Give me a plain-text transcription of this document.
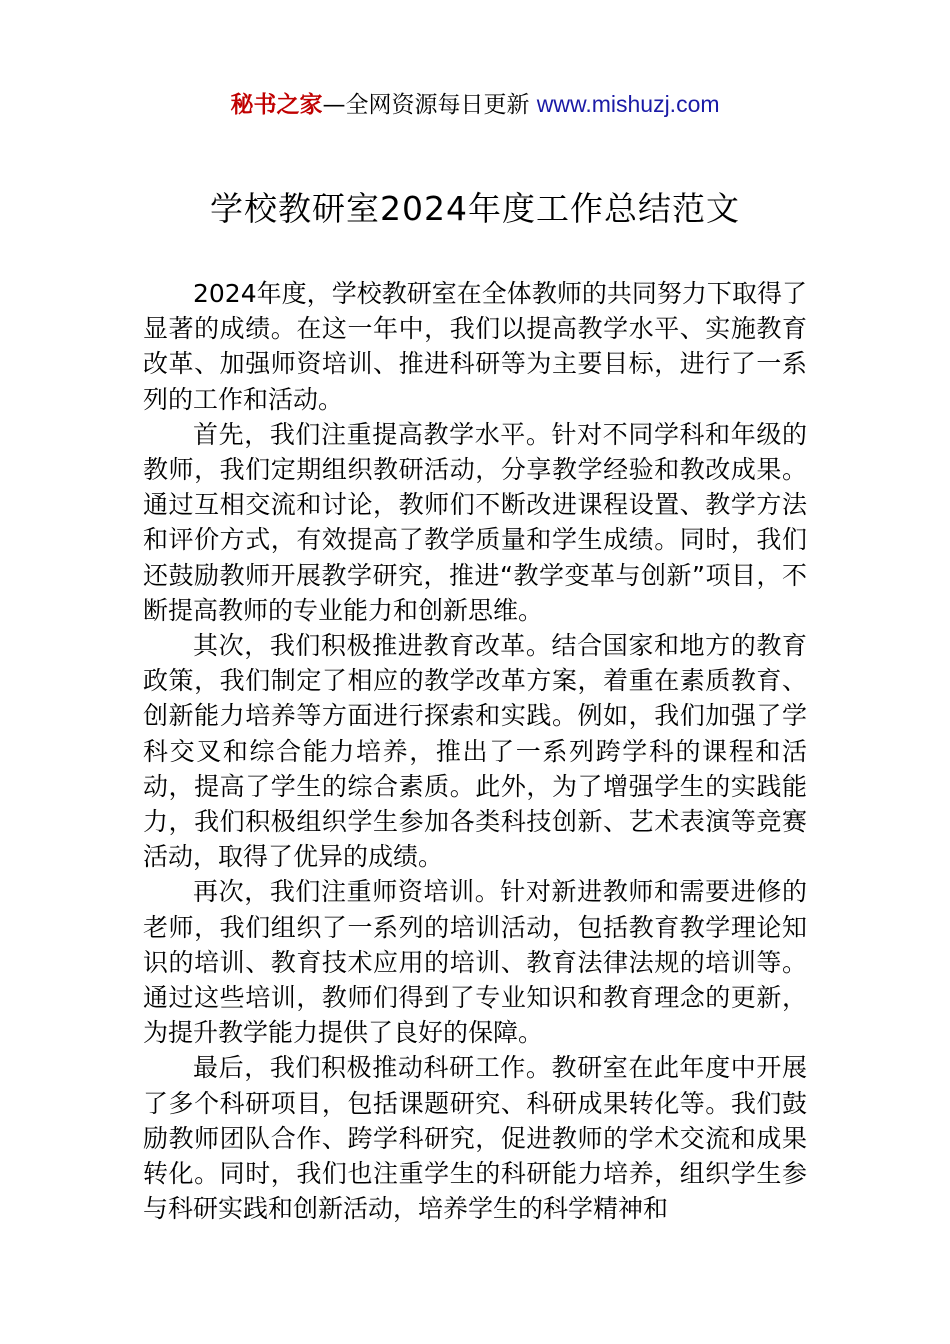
秘书之家—全网资源每日更新 www.mishuzj.com
学校教研室2024年度工作总结范文

2024年度，学校教研室在全体教师的共同努力下取得了显著的成绩。在这一年中，我们以提高教学水平、实施教育改革、加强师资培训、推进科研等为主要目标，进行了一系列的工作和活动。

首先，我们注重提高教学水平。针对不同学科和年级的教师，我们定期组织教研活动，分享教学经验和教改成果。通过互相交流和讨论，教师们不断改进课程设置、教学方法和评价方式，有效提高了教学质量和学生成绩。同时，我们还鼓励教师开展教学研究，推进“教学变革与创新”项目，不断提高教师的专业能力和创新思维。

其次，我们积极推进教育改革。结合国家和地方的教育政策，我们制定了相应的教学改革方案，着重在素质教育、创新能力培养等方面进行探索和实践。例如，我们加强了学科交叉和综合能力培养，推出了一系列跨学科的课程和活动，提高了学生的综合素质。此外，为了增强学生的实践能力，我们积极组织学生参加各类科技创新、艺术表演等竞赛活动，取得了优异的成绩。

再次，我们注重师资培训。针对新进教师和需要进修的老师，我们组织了一系列的培训活动，包括教育教学理论知识的培训、教育技术应用的培训、教育法律法规的培训等。通过这些培训，教师们得到了专业知识和教育理念的更新，为提升教学能力提供了良好的保障。

最后，我们积极推动科研工作。教研室在此年度中开展了多个科研项目，包括课题研究、科研成果转化等。我们鼓励教师团队合作、跨学科研究，促进教师的学术交流和成果转化。同时，我们也注重学生的科研能力培养，组织学生参与科研实践和创新活动，培养学生的科学精神和
